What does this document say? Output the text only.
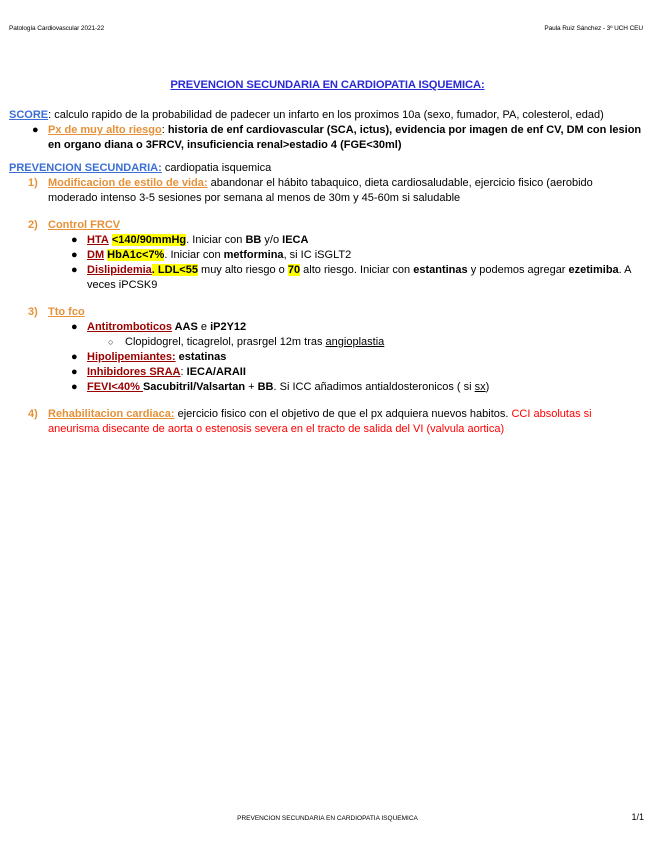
Patología Cardiovascular 2021-22	Paula Ruiz Sánchez - 3º UCH CEU
PREVENCION SECUNDARIA EN CARDIOPATIA ISQUEMICA:

SCORE: calculo rapido de la probabilidad de padecer un infarto en los proximos 10a (sexo, fumador, PA, colesterol, edad)

● Px de muy alto riesgo: historia de enf cardiovascular (SCA, ictus), evidencia por imagen de enf CV, DM con lesion en organo diana o 3FRCV, insuficiencia renal>estadio 4 (FGE<30ml)

PREVENCION SECUNDARIA: cardiopatia isquemica

1) Modificacion de estilo de vida: abandonar el hábito tabaquico, dieta cardiosaludable, ejercicio fisico (aerobido moderado intenso 3-5 sesiones por semana al menos de 30m y 45-60m si saludable
2) Control FRCV
● HTA <140/90mmHg. Iniciar con BB y/o IECA
● DM HbA1c<7%. Iniciar con metformina, si IC iSGLT2
● Dislipidemia. LDL<55 muy alto riesgo o 70 alto riesgo. Iniciar con estantinas y podemos agregar ezetimiba. A veces iPCSK9
3) Tto fco
● Antitromboticos AAS e iP2Y12
○ Clopidogrel, ticagrelol, prasrgel 12m tras angioplastia
● Hipolipemiantes: estatinas
● Inhibidores SRAA: IECA/ARAII
● FEVI<40% Sacubitril/Valsartan + BB. Si ICC añadimos antialdosteronicos ( si sx)
4) Rehabilitacion cardiaca: ejercicio fisico con el objetivo de que el px adquiera nuevos habitos. CCI absolutas si aneurisma disecante de aorta o estenosis severa en el tracto de salida del VI (valvula aortica)
PREVENCION SECUNDARIA EN CARDIOPATIA ISQUEMICA	1/1
